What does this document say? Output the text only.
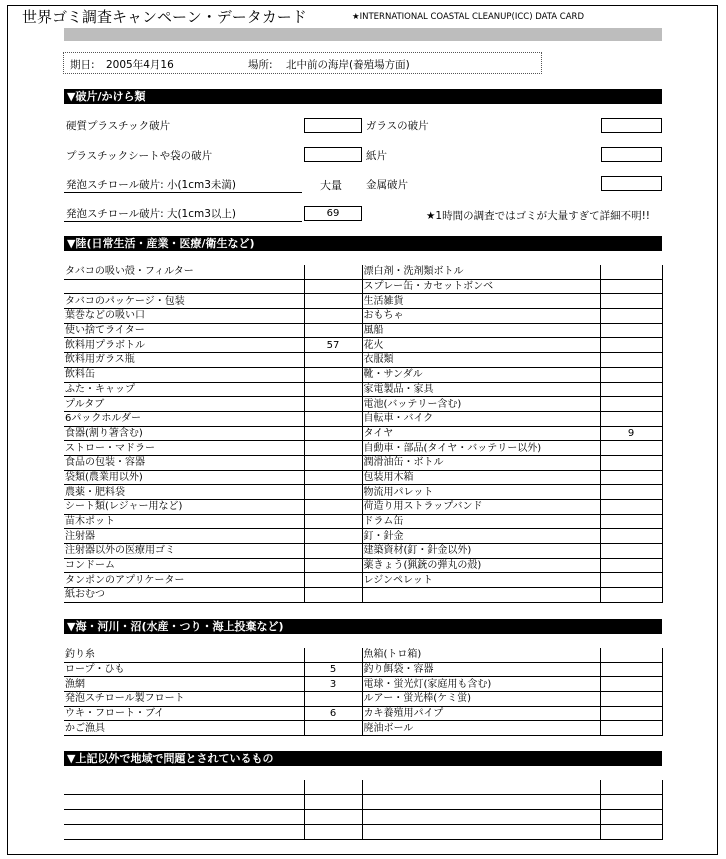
世界ゴミ調査キャンペーン・データカード	★INTERNATIONAL COASTAL CLEANUP(ICC) DATA CARD
期日: 2005年4月16	場所: 北中前の海岸(養殖場方面)
▼破片/かけら類
硬質プラスチック破片	ガラスの破片
プラスチックシートや袋の破片	紙片
発泡スチロール破片: 小(1cm3未満)	大量 金属破片
発泡スチロール破片: 大(1cm3以上)	69	★1時間の調査ではゴミが大量すぎて詳細不明!!
▼陸(日常生活・産業・医療/衛生など)
タバコの吸い殻・フィルター		漂白剤・洗剤類ボトル	
		スプレー缶・カセットボンベ	
タバコのパッケージ・包装		生活雑貨	
葉巻などの吸い口		おもちゃ	
使い捨てライター		風船	
飲料用プラボトル	57	花火	
飲料用ガラス瓶		衣服類	
飲料缶		靴・サンダル	
ふた・キャップ		家電製品・家具	
プルタブ		電池(バッテリー含む)	
6パックホルダー		自転車・バイク	
食器(割り箸含む)		タイヤ	9
ストロー・マドラー		自動車・部品(タイヤ・バッテリー以外)	
食品の包装・容器		潤滑油缶・ボトル	
袋類(農業用以外)		包装用木箱	
農薬・肥料袋		物流用パレット	
シート類(レジャー用など)		荷造り用ストラップバンド	
苗木ポット		ドラム缶	
注射器		釘・針金	
注射器以外の医療用ゴミ		建築資材(釘・針金以外)	
コンドーム		薬きょう(猟銃の弾丸の殻)	
タンポンのアプリケーター		レジンペレット	
紙おむつ			
▼海・河川・沼(水産・つり・海上投棄など)
釣り糸		魚箱(トロ箱)	
ロープ・ひも	5	釣り餌袋・容器	
漁網	3	電球・蛍光灯(家庭用も含む)	
発泡スチロール製フロート		ルアー・蛍光棒(ケミ蛍)	
ウキ・フロート・ブイ	6	カキ養殖用パイプ	
かご漁具		廃油ボール	
▼上記以外で地域で問題とされているもの
